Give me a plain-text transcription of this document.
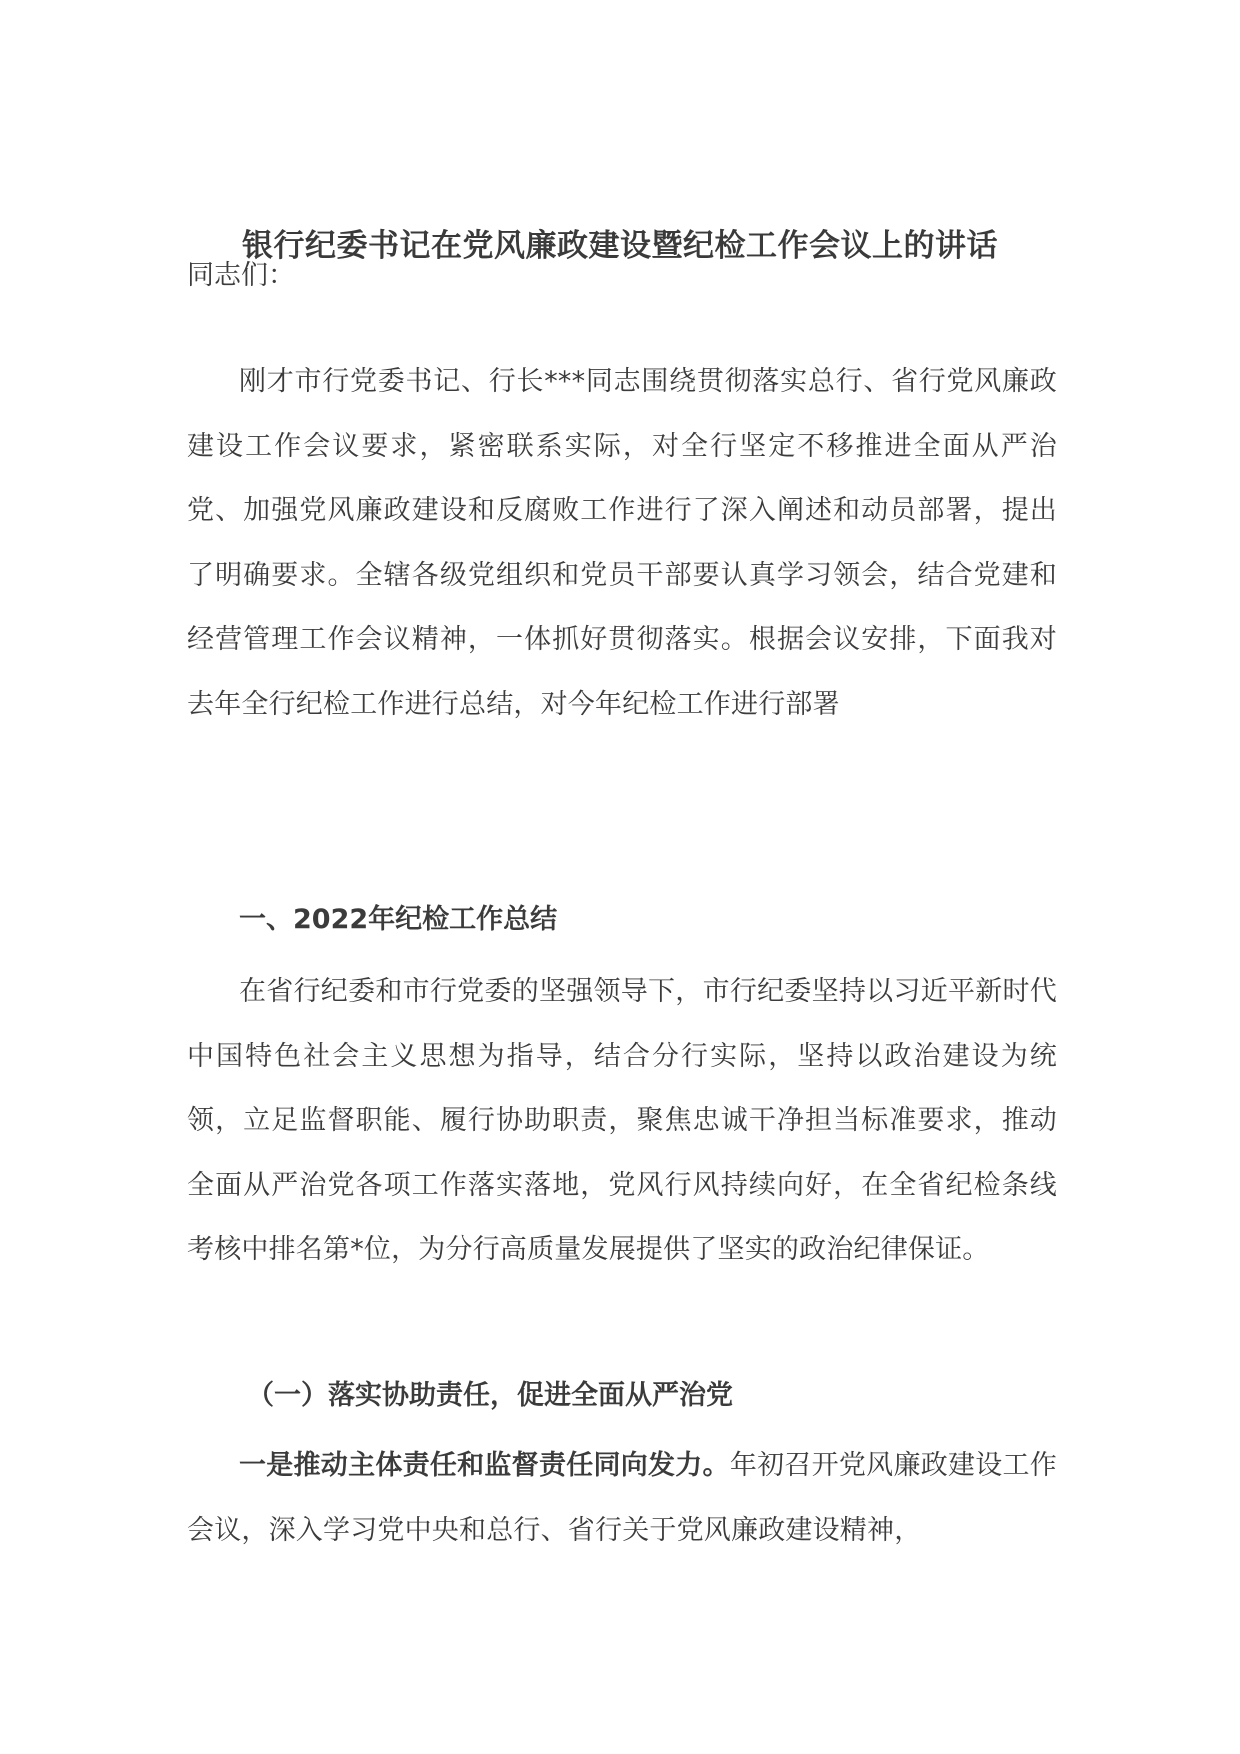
银行纪委书记在党风廉政建设暨纪检工作会议上的讲话
同志们：

刚才市行党委书记、行长***同志围绕贯彻落实总行、省行党风廉政建设工作会议要求，紧密联系实际，对全行坚定不移推进全面从严治党、加强党风廉政建设和反腐败工作进行了深入阐述和动员部署，提出了明确要求。全辖各级党组织和党员干部要认真学习领会，结合党建和经营管理工作会议精神，一体抓好贯彻落实。根据会议安排，下面我对去年全行纪检工作进行总结，对今年纪检工作进行部署

一、2022年纪检工作总结

在省行纪委和市行党委的坚强领导下，市行纪委坚持以习近平新时代中国特色社会主义思想为指导，结合分行实际，坚持以政治建设为统领，立足监督职能、履行协助职责，聚焦忠诚干净担当标准要求，推动全面从严治党各项工作落实落地，党风行风持续向好，在全省纪检条线考核中排名第*位，为分行高质量发展提供了坚实的政治纪律保证。

（一）落实协助责任，促进全面从严治党

一是推动主体责任和监督责任同向发力。年初召开党风廉政建设工作会议，深入学习党中央和总行、省行关于党风廉政建设精神，
